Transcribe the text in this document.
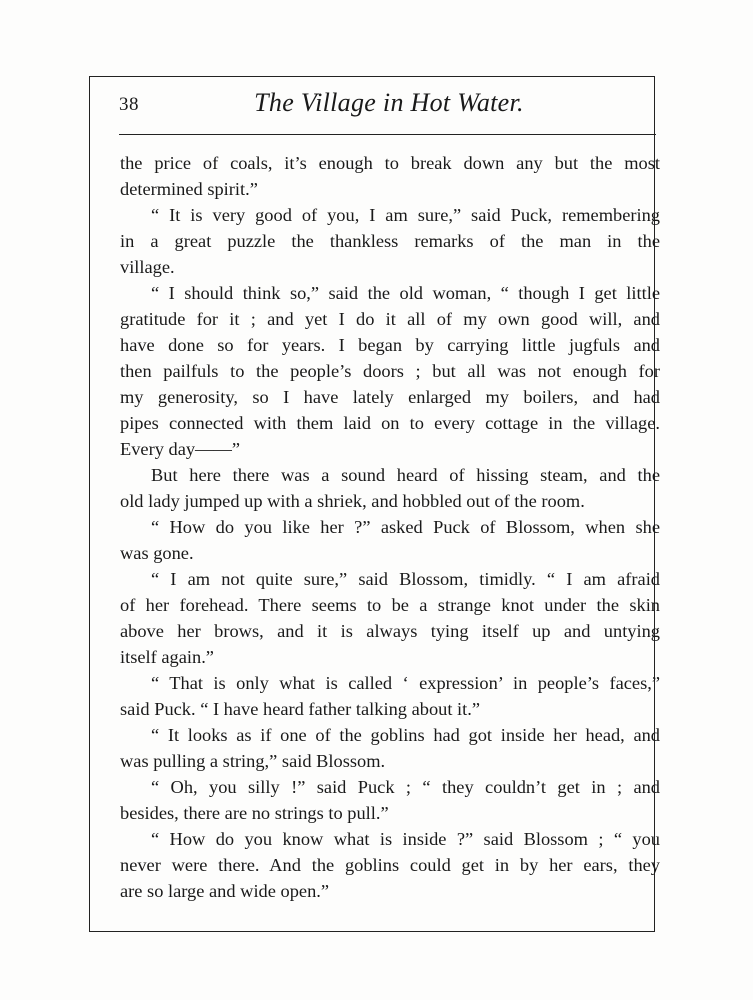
38	The Village in Hot Water.
the price of coals, it’s enough to break down any but the most
determined spirit.”
“ It is very good of you, I am sure,” said Puck, remembering
in a great puzzle the thankless remarks of the man in the
village.
“ I should think so,” said the old woman, “ though I get little
gratitude for it ; and yet I do it all of my own good will, and
have done so for years. I began by carrying little jugfuls and
then pailfuls to the people’s doors ; but all was not enough for
my generosity, so I have lately enlarged my boilers, and had
pipes connected with them laid on to every cottage in the village.
Every day——”
But here there was a sound heard of hissing steam, and the
old lady jumped up with a shriek, and hobbled out of the room.
“ How do you like her ?” asked Puck of Blossom, when she
was gone.
“ I am not quite sure,” said Blossom, timidly. “ I am afraid
of her forehead. There seems to be a strange knot under the skin
above her brows, and it is always tying itself up and untying
itself again.”
“ That is only what is called ‘ expression’ in people’s faces,”
said Puck. “ I have heard father talking about it.”
“ It looks as if one of the goblins had got inside her head, and
was pulling a string,” said Blossom.
“ Oh, you silly !” said Puck ; “ they couldn’t get in ; and
besides, there are no strings to pull.”
“ How do you know what is inside ?” said Blossom ; “ you
never were there. And the goblins could get in by her ears, they
are so large and wide open.”
